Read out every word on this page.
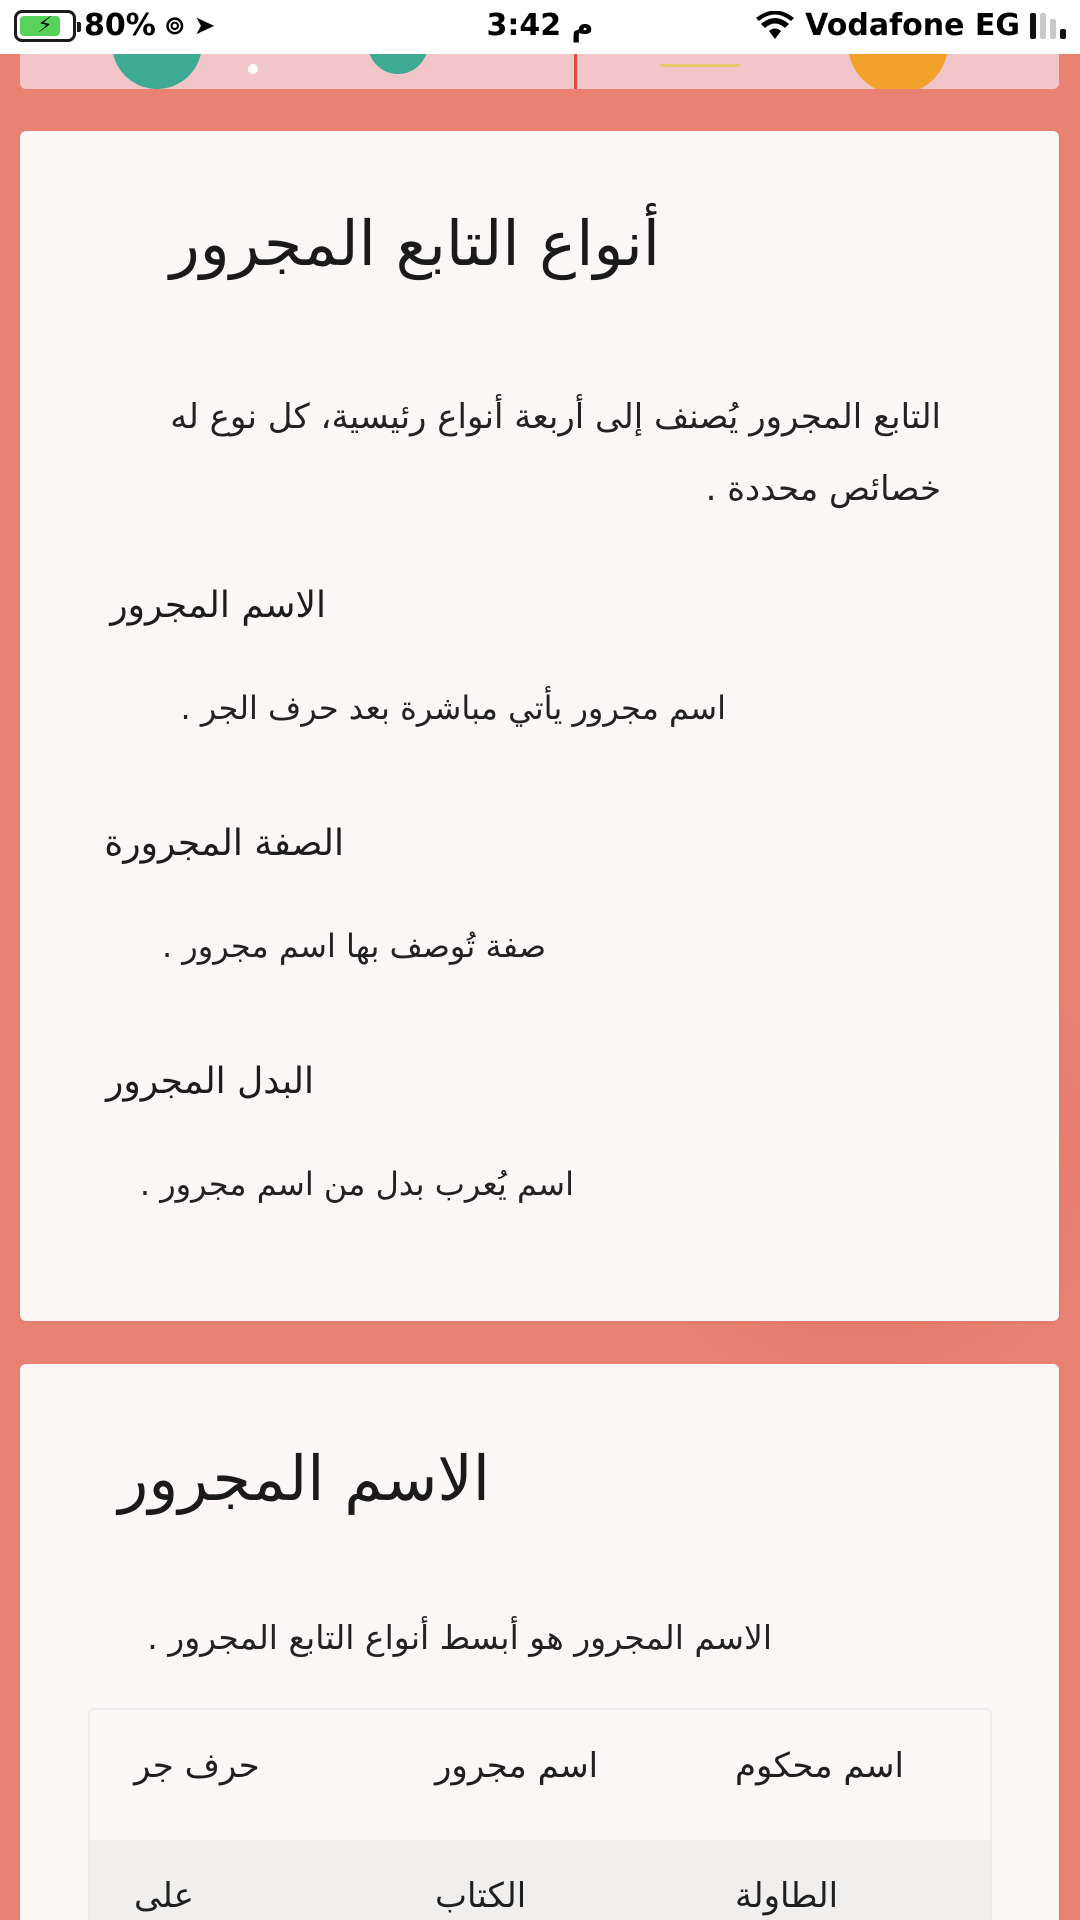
⚡ 80% ⊚ ➤	3:42 م	Vodafone EG
أنواع التابع المجرور
التابع المجرور يُصنف إلى أربعة أنواع رئيسية، كل نوع له خصائص محددة .
الاسم المجرور
اسم مجرور يأتي مباشرة بعد حرف الجر .
الصفة المجرورة
صفة تُوصف بها اسم مجرور .
البدل المجرور
اسم يُعرب بدل من اسم مجرور .
الاسم المجرور
الاسم المجرور هو أبسط أنواع التابع المجرور .
حرف جر	اسم مجرور	اسم محكوم
على	الكتاب	الطاولة
